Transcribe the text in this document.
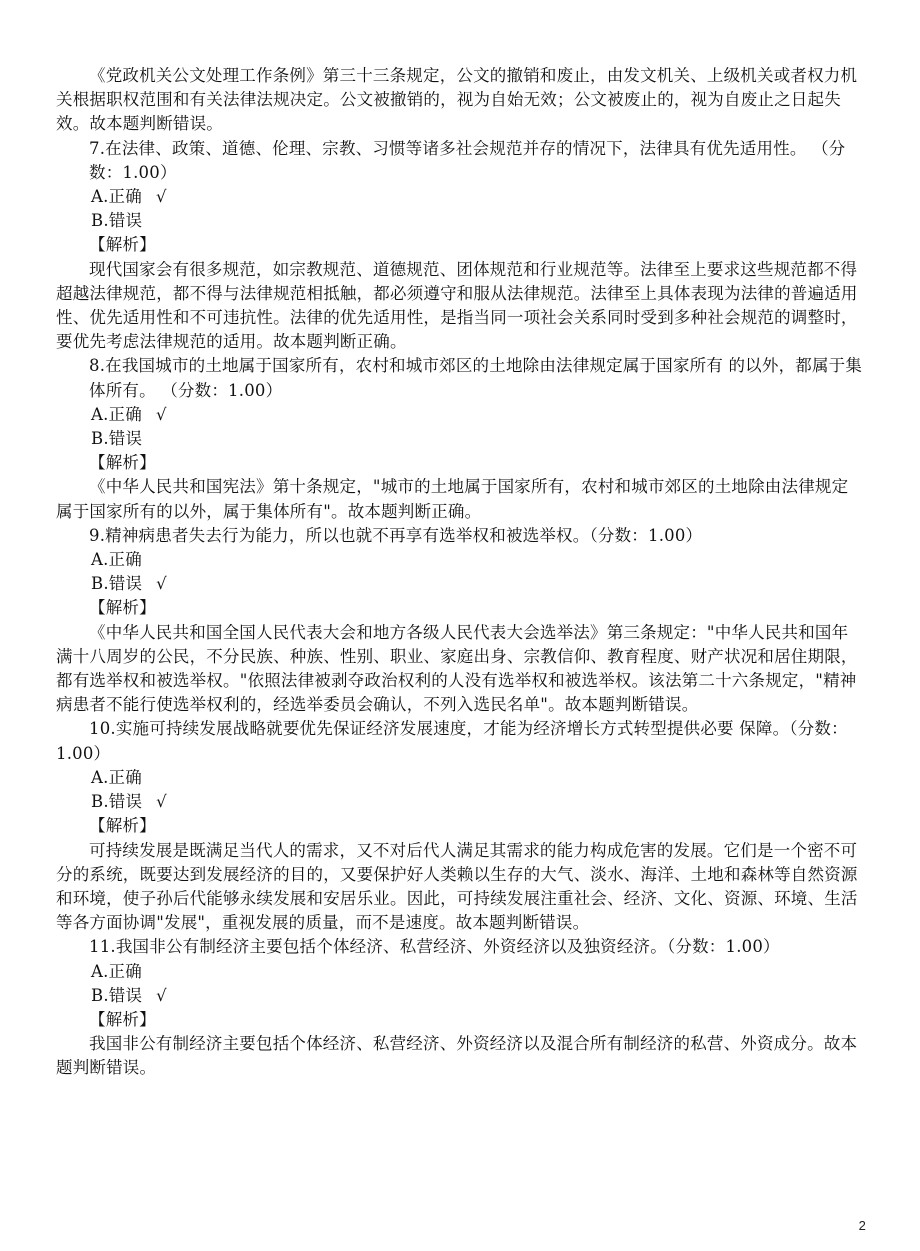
《党政机关公文处理工作条例》第三十三条规定，公文的撤销和废止，由发文机关、上级机关或者权力机关根据职权范围和有关法律法规决定。公文被撤销的，视为自始无效；公文被废止的，视为自废止之日起失效。故本题判断错误。

7.在法律、政策、道德、伦理、宗教、习惯等诸多社会规范并存的情况下，法律具有优先适用性。 （分数：1.00）

A.正确 √

B.错误

【解析】

现代国家会有很多规范，如宗教规范、道德规范、团体规范和行业规范等。法律至上要求这些规范都不得超越法律规范，都不得与法律规范相抵触，都必须遵守和服从法律规范。法律至上具体表现为法律的普遍适用性、优先适用性和不可违抗性。法律的优先适用性，是指当同一项社会关系同时受到多种社会规范的调整时，要优先考虑法律规范的适用。故本题判断正确。

8.在我国城市的土地属于国家所有，农村和城市郊区的土地除由法律规定属于国家所有 的以外，都属于集体所有。 （分数：1.00）

A.正确 √

B.错误

【解析】

《中华人民共和国宪法》第十条规定，"城市的土地属于国家所有，农村和城市郊区的土地除由法律规定属于国家所有的以外，属于集体所有"。故本题判断正确。

9.精神病患者失去行为能力，所以也就不再享有选举权和被选举权。（分数：1.00）

A.正确

B.错误 √

【解析】

《中华人民共和国全国人民代表大会和地方各级人民代表大会选举法》第三条规定："中华人民共和国年满十八周岁的公民，不分民族、种族、性别、职业、家庭出身、宗教信仰、教育程度、财产状况和居住期限，都有选举权和被选举权。"依照法律被剥夺政治权利的人没有选举权和被选举权。该法第二十六条规定，"精神病患者不能行使选举权利的，经选举委员会确认，不列入选民名单"。故本题判断错误。

10.实施可持续发展战略就要优先保证经济发展速度，才能为经济增长方式转型提供必要 保障。（分数：1.00）

A.正确

B.错误 √

【解析】

可持续发展是既满足当代人的需求，又不对后代人满足其需求的能力构成危害的发展。它们是一个密不可分的系统，既要达到发展经济的目的，又要保护好人类赖以生存的大气、淡水、海洋、土地和森林等自然资源和环境，使子孙后代能够永续发展和安居乐业。因此，可持续发展注重社会、经济、文化、资源、环境、生活等各方面协调"发展"，重视发展的质量，而不是速度。故本题判断错误。

11.我国非公有制经济主要包括个体经济、私营经济、外资经济以及独资经济。（分数：1.00）

A.正确

B.错误 √

【解析】

我国非公有制经济主要包括个体经济、私营经济、外资经济以及混合所有制经济的私营、外资成分。故本题判断错误。

2
